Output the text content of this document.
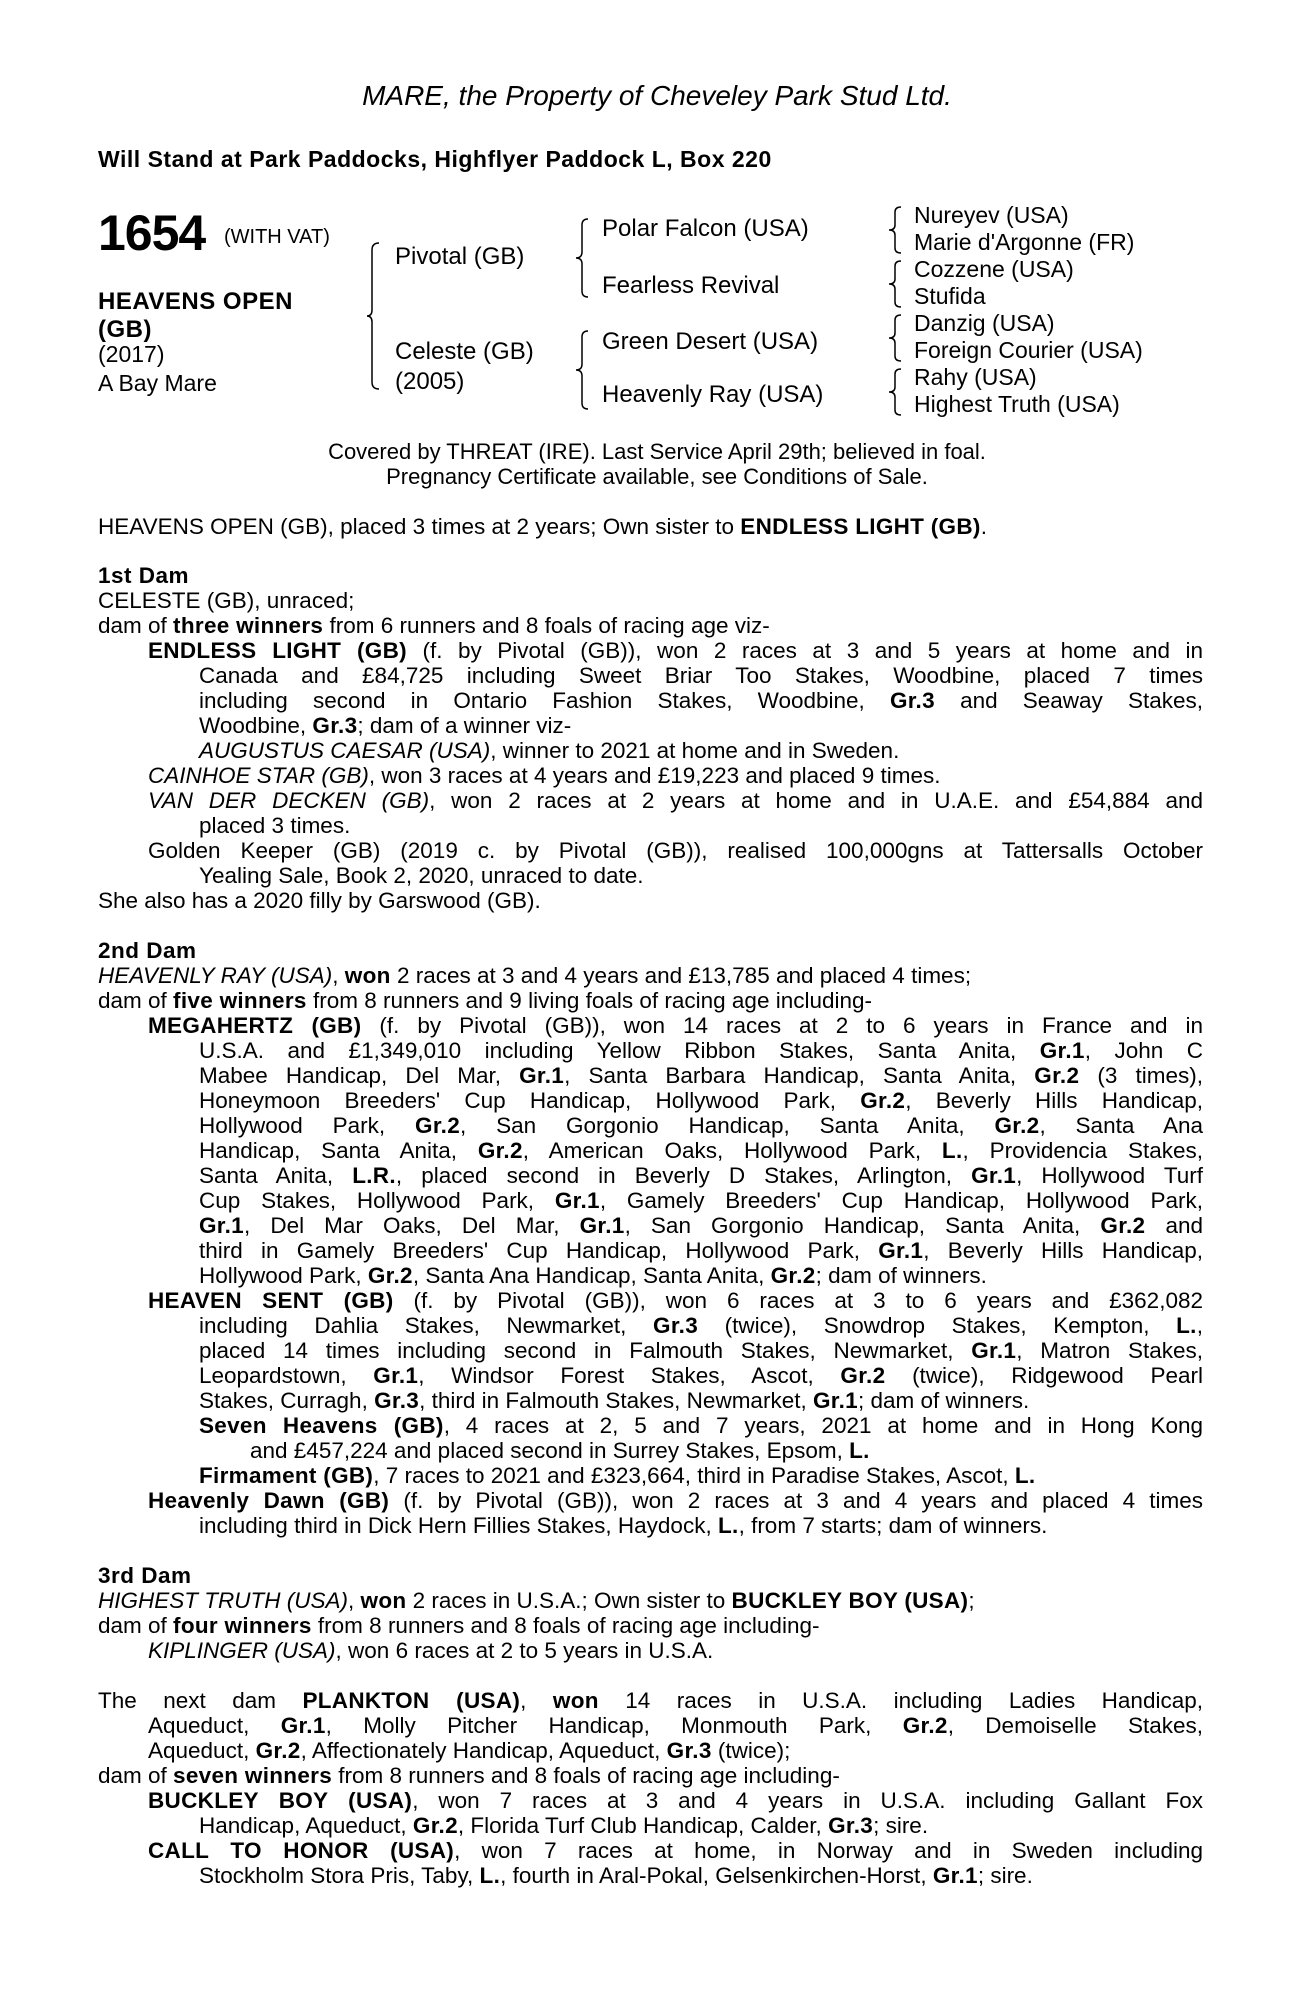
MARE, the Property of Cheveley Park Stud Ltd.
Will Stand at Park Paddocks, Highflyer Paddock L, Box 220
1654 (WITH VAT)
HEAVENS OPEN
(GB)
(2017)
A Bay Mare
Pivotal (GB)
Celeste (GB)
(2005)
Polar Falcon (USA)
Fearless Revival
Green Desert (USA)
Heavenly Ray (USA)
Nureyev (USA)
Marie d'Argonne (FR)
Cozzene (USA)
Stufida
Danzig (USA)
Foreign Courier (USA)
Rahy (USA)
Highest Truth (USA)
Covered by THREAT (IRE). Last Service April 29th; believed in foal.
Pregnancy Certificate available, see Conditions of Sale.
HEAVENS OPEN (GB), placed 3 times at 2 years; Own sister to ENDLESS LIGHT (GB).
1st Dam
CELESTE (GB), unraced;
dam of three winners from 6 runners and 8 foals of racing age viz-
ENDLESS LIGHT (GB) (f. by Pivotal (GB)), won 2 races at 3 and 5 years at home and in
Canada and £84,725 including Sweet Briar Too Stakes, Woodbine, placed 7 times
including second in Ontario Fashion Stakes, Woodbine, Gr.3 and Seaway Stakes,
Woodbine, Gr.3; dam of a winner viz-
AUGUSTUS CAESAR (USA), winner to 2021 at home and in Sweden.
CAINHOE STAR (GB), won 3 races at 4 years and £19,223 and placed 9 times.
VAN DER DECKEN (GB), won 2 races at 2 years at home and in U.A.E. and £54,884 and
placed 3 times.
Golden Keeper (GB) (2019 c. by Pivotal (GB)), realised 100,000gns at Tattersalls October
Yealing Sale, Book 2, 2020, unraced to date.
She also has a 2020 filly by Garswood (GB).
2nd Dam
HEAVENLY RAY (USA), won 2 races at 3 and 4 years and £13,785 and placed 4 times;
dam of five winners from 8 runners and 9 living foals of racing age including-
MEGAHERTZ (GB) (f. by Pivotal (GB)), won 14 races at 2 to 6 years in France and in
U.S.A. and £1,349,010 including Yellow Ribbon Stakes, Santa Anita, Gr.1, John C
Mabee Handicap, Del Mar, Gr.1, Santa Barbara Handicap, Santa Anita, Gr.2 (3 times),
Honeymoon Breeders' Cup Handicap, Hollywood Park, Gr.2, Beverly Hills Handicap,
Hollywood Park, Gr.2, San Gorgonio Handicap, Santa Anita, Gr.2, Santa Ana
Handicap, Santa Anita, Gr.2, American Oaks, Hollywood Park, L., Providencia Stakes,
Santa Anita, L.R., placed second in Beverly D Stakes, Arlington, Gr.1, Hollywood Turf
Cup Stakes, Hollywood Park, Gr.1, Gamely Breeders' Cup Handicap, Hollywood Park,
Gr.1, Del Mar Oaks, Del Mar, Gr.1, San Gorgonio Handicap, Santa Anita, Gr.2 and
third in Gamely Breeders' Cup Handicap, Hollywood Park, Gr.1, Beverly Hills Handicap,
Hollywood Park, Gr.2, Santa Ana Handicap, Santa Anita, Gr.2; dam of winners.
HEAVEN SENT (GB) (f. by Pivotal (GB)), won 6 races at 3 to 6 years and £362,082
including Dahlia Stakes, Newmarket, Gr.3 (twice), Snowdrop Stakes, Kempton, L.,
placed 14 times including second in Falmouth Stakes, Newmarket, Gr.1, Matron Stakes,
Leopardstown, Gr.1, Windsor Forest Stakes, Ascot, Gr.2 (twice), Ridgewood Pearl
Stakes, Curragh, Gr.3, third in Falmouth Stakes, Newmarket, Gr.1; dam of winners.
Seven Heavens (GB), 4 races at 2, 5 and 7 years, 2021 at home and in Hong Kong
and £457,224 and placed second in Surrey Stakes, Epsom, L.
Firmament (GB), 7 races to 2021 and £323,664, third in Paradise Stakes, Ascot, L.
Heavenly Dawn (GB) (f. by Pivotal (GB)), won 2 races at 3 and 4 years and placed 4 times
including third in Dick Hern Fillies Stakes, Haydock, L., from 7 starts; dam of winners.
3rd Dam
HIGHEST TRUTH (USA), won 2 races in U.S.A.; Own sister to BUCKLEY BOY (USA);
dam of four winners from 8 runners and 8 foals of racing age including-
KIPLINGER (USA), won 6 races at 2 to 5 years in U.S.A.
The next dam PLANKTON (USA), won 14 races in U.S.A. including Ladies Handicap,
Aqueduct, Gr.1, Molly Pitcher Handicap, Monmouth Park, Gr.2, Demoiselle Stakes,
Aqueduct, Gr.2, Affectionately Handicap, Aqueduct, Gr.3 (twice);
dam of seven winners from 8 runners and 8 foals of racing age including-
BUCKLEY BOY (USA), won 7 races at 3 and 4 years in U.S.A. including Gallant Fox
Handicap, Aqueduct, Gr.2, Florida Turf Club Handicap, Calder, Gr.3; sire.
CALL TO HONOR (USA), won 7 races at home, in Norway and in Sweden including
Stockholm Stora Pris, Taby, L., fourth in Aral-Pokal, Gelsenkirchen-Horst, Gr.1; sire.
